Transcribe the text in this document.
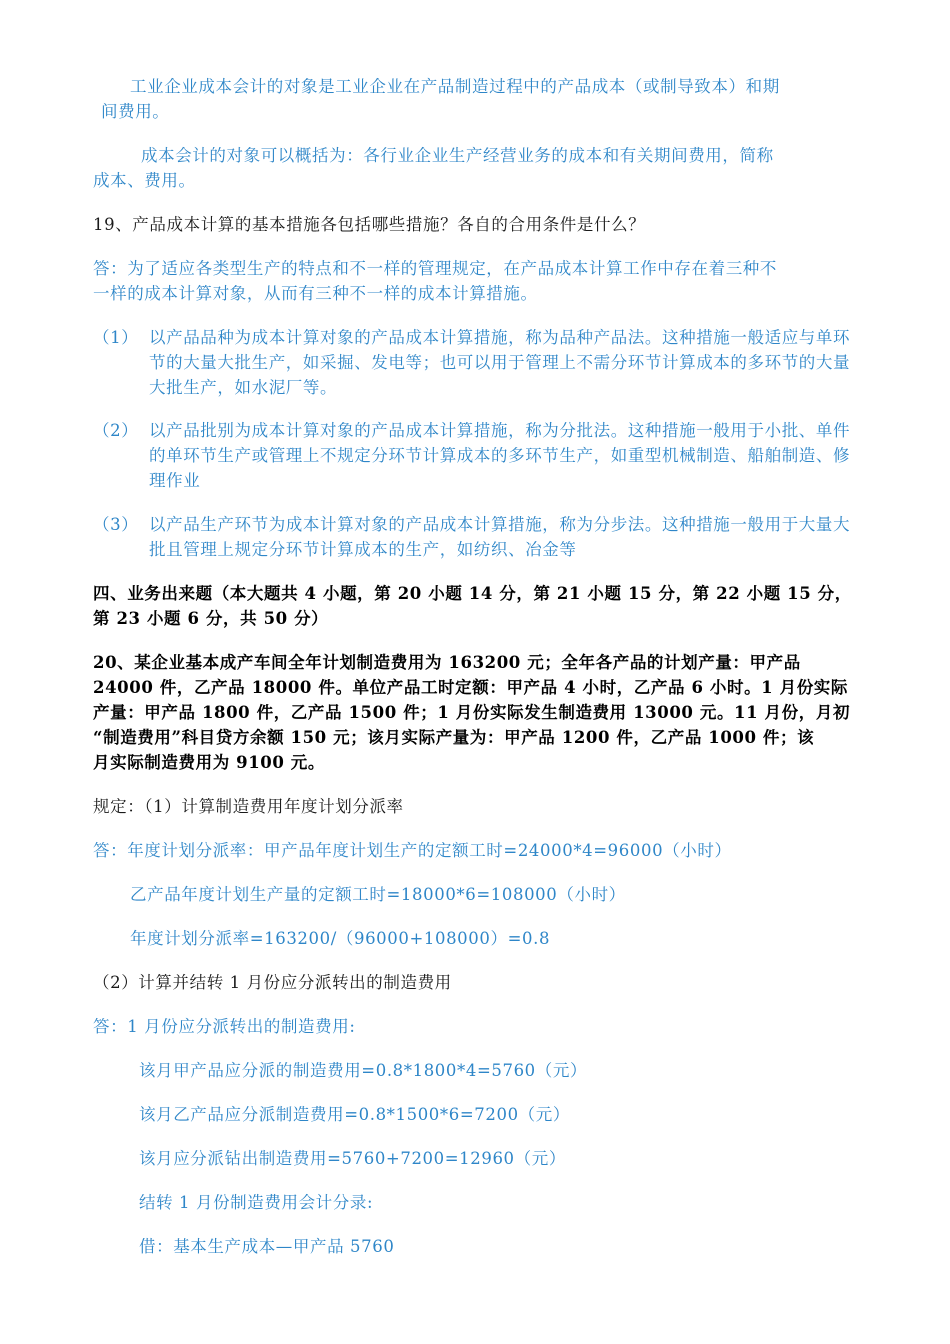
工业企业成本会计的对象是工业企业在产品制造过程中的产品成本（或制导致本）和期

间费用。

成本会计的对象可以概括为：各行业企业生产经营业务的成本和有关期间费用，简称

成本、费用。

19、产品成本计算的基本措施各包括哪些措施？各自的合用条件是什么？

答：为了适应各类型生产的特点和不一样的管理规定，在产品成本计算工作中存在着三种不

一样的成本计算对象，从而有三种不一样的成本计算措施。

（1） 以产品品种为成本计算对象的产品成本计算措施，称为品种产品法。这种措施一般适应与单环节的大量大批生产，如采掘、发电等；也可以用于管理上不需分环节计算成本的多环节的大量大批生产，如水泥厂等。
（2） 以产品批别为成本计算对象的产品成本计算措施，称为分批法。这种措施一般用于小批、单件的单环节生产或管理上不规定分环节计算成本的多环节生产，如重型机械制造、船舶制造、修理作业
（3） 以产品生产环节为成本计算对象的产品成本计算措施，称为分步法。这种措施一般用于大量大批且管理上规定分环节计算成本的生产，如纺织、冶金等

四、业务出来题（本大题共 4 小题，第 20 小题 14 分，第 21 小题 15 分，第 22 小题 15 分，

第 23 小题 6 分，共 50 分）

20、某企业基本成产车间全年计划制造费用为 163200 元；全年各产品的计划产量：甲产品

24000 件，乙产品 18000 件。单位产品工时定额：甲产品 4 小时，乙产品 6 小时。1 月份实际

产量：甲产品 1800 件，乙产品 1500 件；1 月份实际发生制造费用 13000 元。11 月份，月初

“制造费用”科目贷方余额 150 元；该月实际产量为：甲产品 1200 件，乙产品 1000 件；该

月实际制造费用为 9100 元。

规定：（1）计算制造费用年度计划分派率

答：年度计划分派率：甲产品年度计划生产的定额工时=24000*4=96000（小时）

乙产品年度计划生产量的定额工时=18000*6=108000（小时）

年度计划分派率=163200/（96000+108000）=0.8

（2）计算并结转 1 月份应分派转出的制造费用

答：1 月份应分派转出的制造费用:

该月甲产品应分派的制造费用=0.8*1800*4=5760（元）

该月乙产品应分派制造费用=0.8*1500*6=7200（元）

该月应分派钻出制造费用=5760+7200=12960（元）

结转 1 月份制造费用会计分录:

借：基本生产成本—甲产品 5760
